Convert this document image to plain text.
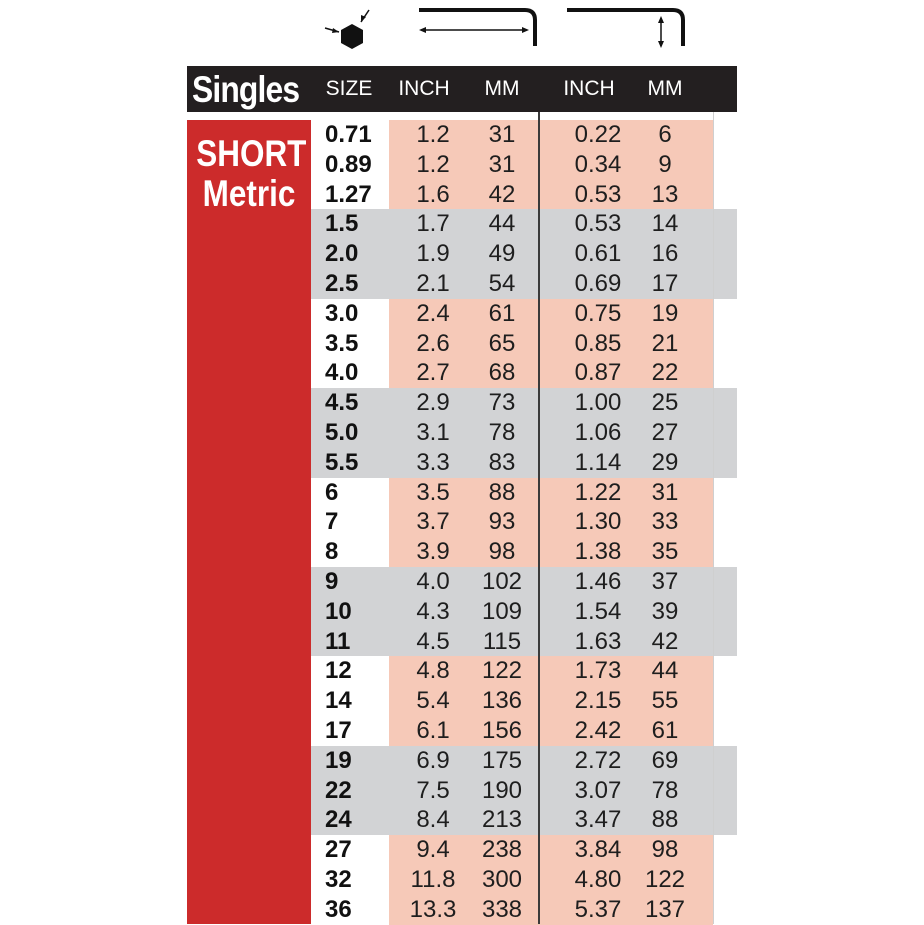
Singles SIZE	INCH	MM	INCH	MM
SHORT
Metric
0.71	1.2	31	0.22	6
0.89	1.2	31	0.34	9
1.27	1.6	42	0.53	13
1.5	1.7	44	0.53	14
2.0	1.9	49	0.61	16
2.5	2.1	54	0.69	17
3.0	2.4	61	0.75	19
3.5	2.6	65	0.85	21
4.0	2.7	68	0.87	22
4.5	2.9	73	1.00	25
5.0	3.1	78	1.06	27
5.5	3.3	83	1.14	29
6	3.5	88	1.22	31
7	3.7	93	1.30	33
8	3.9	98	1.38	35
9	4.0	102	1.46	37
10	4.3	109	1.54	39
11	4.5	115	1.63	42
12	4.8	122	1.73	44
14	5.4	136	2.15	55
17	6.1	156	2.42	61
19	6.9	175	2.72	69
22	7.5	190	3.07	78
24	8.4	213	3.47	88
27	9.4	238	3.84	98
32	11.8	300	4.80 122
36	13.3	338	5.37 137
